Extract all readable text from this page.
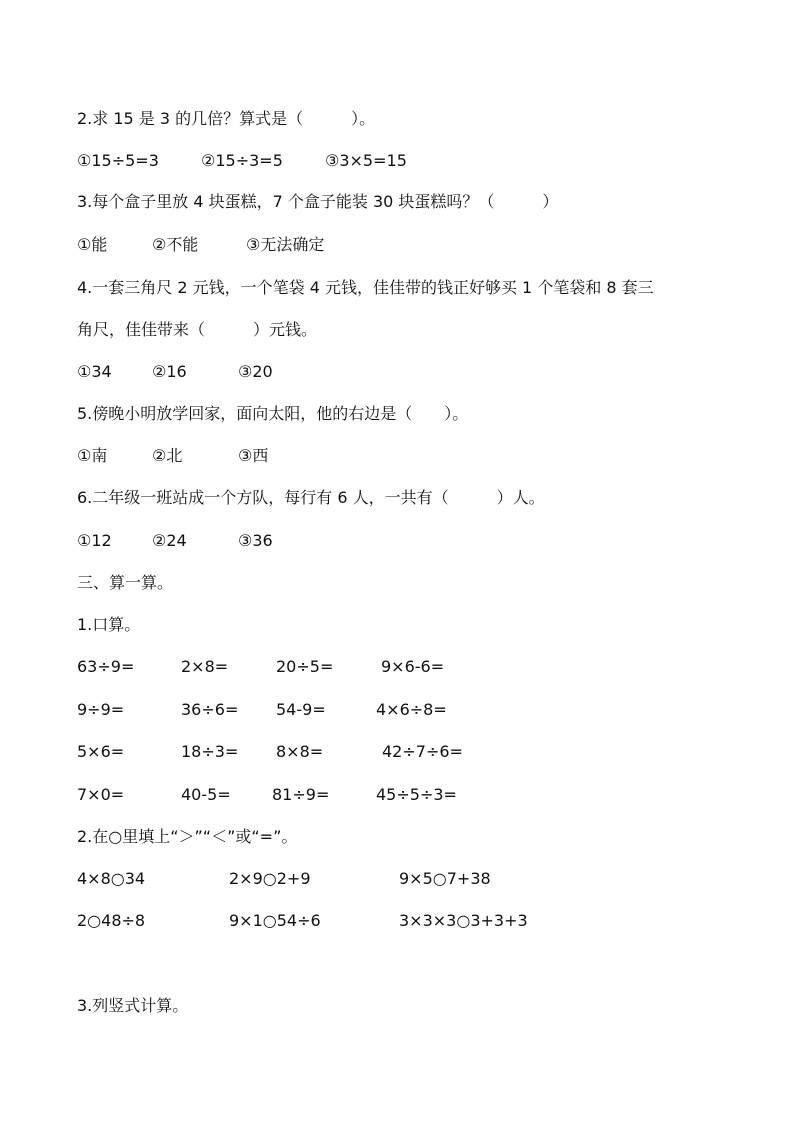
2.求 15 是 3 的几倍？算式是（　　　）。
①15÷5=3	②15÷3=5	③3×5=15
3.每个盒子里放 4 块蛋糕，7 个盒子能装 30 块蛋糕吗？（　　　）
①能	②不能	③无法确定
4.一套三角尺 2 元钱，一个笔袋 4 元钱，佳佳带的钱正好够买 1 个笔袋和 8 套三
角尺，佳佳带来（　　　）元钱。
①34	②16	③20
5.傍晚小明放学回家，面向太阳，他的右边是（　　）。
①南	②北	③西
6.二年级一班站成一个方队，每行有 6 人，一共有（　　　）人。
①12	②24	③36
三、算一算。
1.口算。
63÷9=	2×8=	20÷5=	9×6-6=
9÷9=	36÷6= 54-9=	4×6÷8=
5×6=	18÷3= 8×8=	42÷7÷6=
7×0=	40-5=	81÷9=	45÷5÷3=
2.在○里填上“＞”“＜”或“=”。
4×8○34	2×9○2+9	9×5○7+38
2○48÷8	9×1○54÷6	3×3×3○3+3+3
3.列竖式计算。
